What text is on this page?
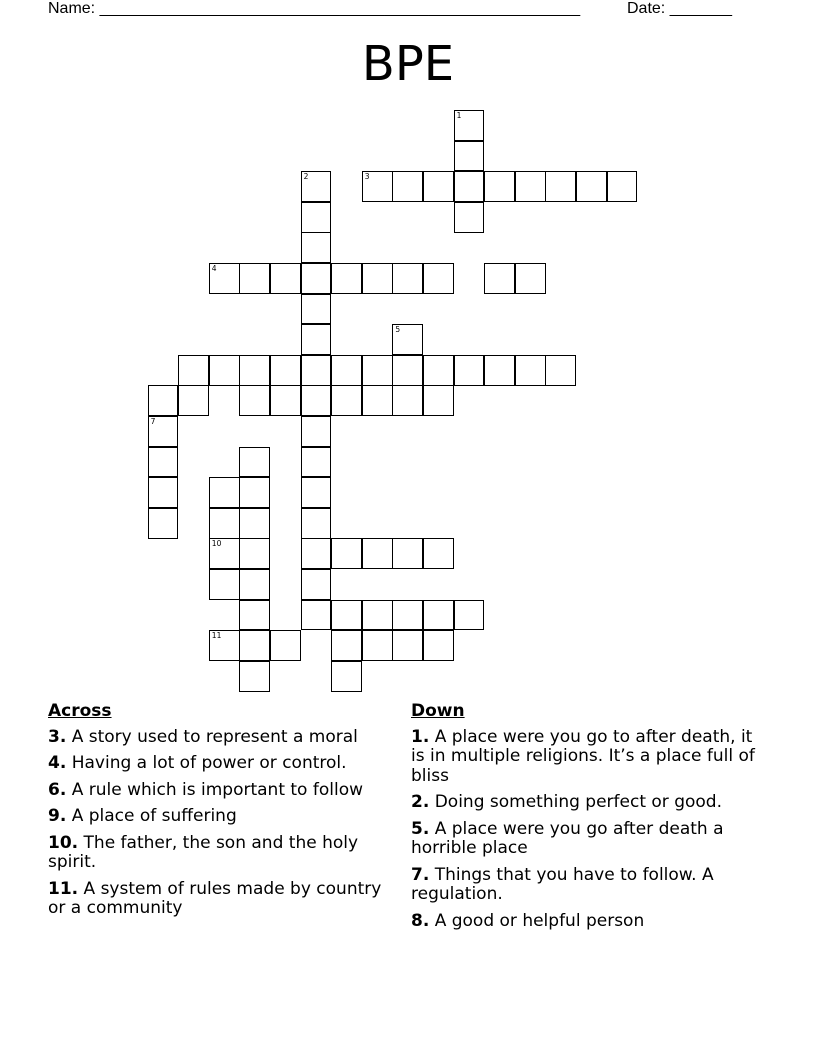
Name: ______________________________________________________	Date: _______
BPE
1
2	3
4
5
7
10
11
Across
3. A story used to represent a moral
4. Having a lot of power or control.
6. A rule which is important to follow
9. A place of suffering
10. The father, the son and the holy spirit.
11. A system of rules made by country or a community
Down
1. A place were you go to after death, it is in multiple religions. It’s a place full of bliss
2. Doing something perfect or good.
5. A place were you go after death a horrible place
7. Things that you have to follow. A regulation.
8. A good or helpful person
